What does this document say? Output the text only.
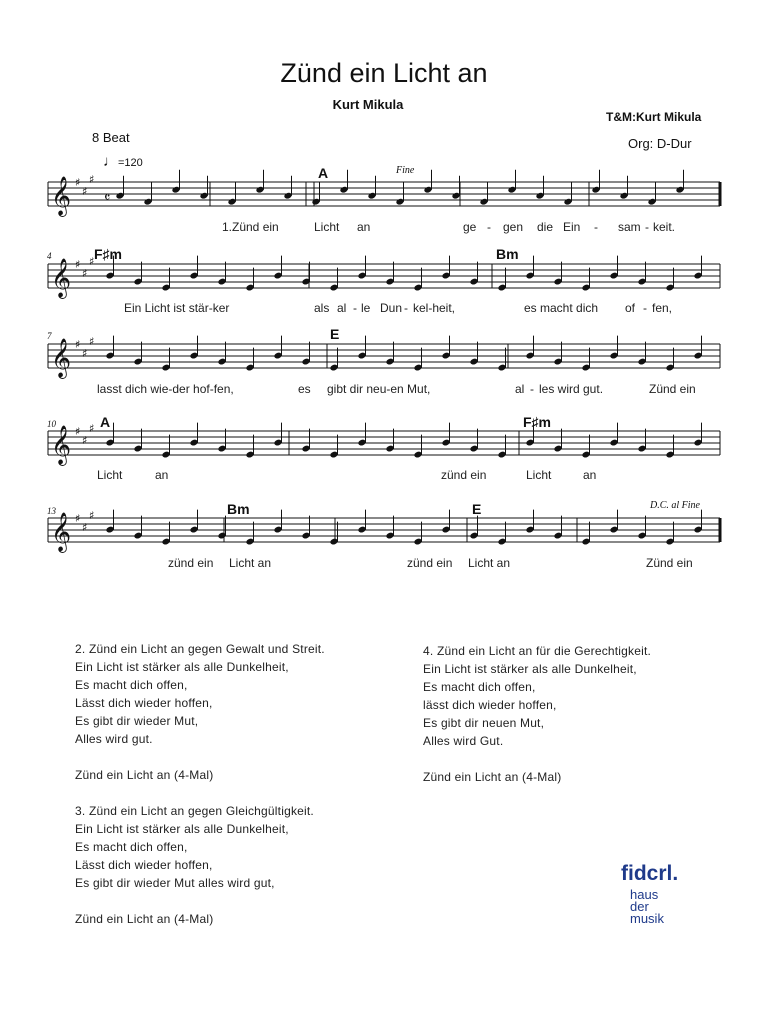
Zünd ein Licht an
Kurt Mikula
T&M:Kurt Mikula
Org: D-Dur
8 Beat
♩=120
𝄞 ♯
♯
♯
𝄞 ♯
♯
♯
𝄞 ♯
♯
♯
𝄞 ♯
♯
♯
𝄞 ♯
♯
♯
𝄴
A
F♯m	Bm
E
A	F♯m
Bm	E
Fine
D.C. al Fine
4
7
10
13
1.Zünd ein	Licht an	ge - gen die Ein - sam - keit.
Ein Licht ist stär-ker	als al - le Dun - kel-heit,	es macht dich of - fen,
lasst dich wie-der hof-fen,	es gibt dir neu-en Mut,	al - les wird gut.	Zünd ein
Licht	an	zünd ein	Licht	an
zünd ein Licht an	zünd ein Licht an	Zünd ein
2. Zünd ein Licht an gegen Gewalt und Streit.
Ein Licht ist stärker als alle Dunkelheit,
Es macht dich offen,
Lässt dich wieder hoffen,
Es gibt dir wieder Mut,
Alles wird gut.
Zünd ein Licht an (4-Mal)
3. Zünd ein Licht an gegen Gleichgültigkeit.
Ein Licht ist stärker als alle Dunkelheit,
Es macht dich offen,
Lässt dich wieder hoffen,
Es gibt dir wieder Mut alles wird gut,
Zünd ein Licht an (4-Mal)
4. Zünd ein Licht an für die Gerechtigkeit.
Ein Licht ist stärker als alle Dunkelheit,
Es macht dich offen,
lässt dich wieder hoffen,
Es gibt dir neuen Mut,
Alles wird Gut.
Zünd ein Licht an (4-Mal)
fidcrl.
haus
der
musik
